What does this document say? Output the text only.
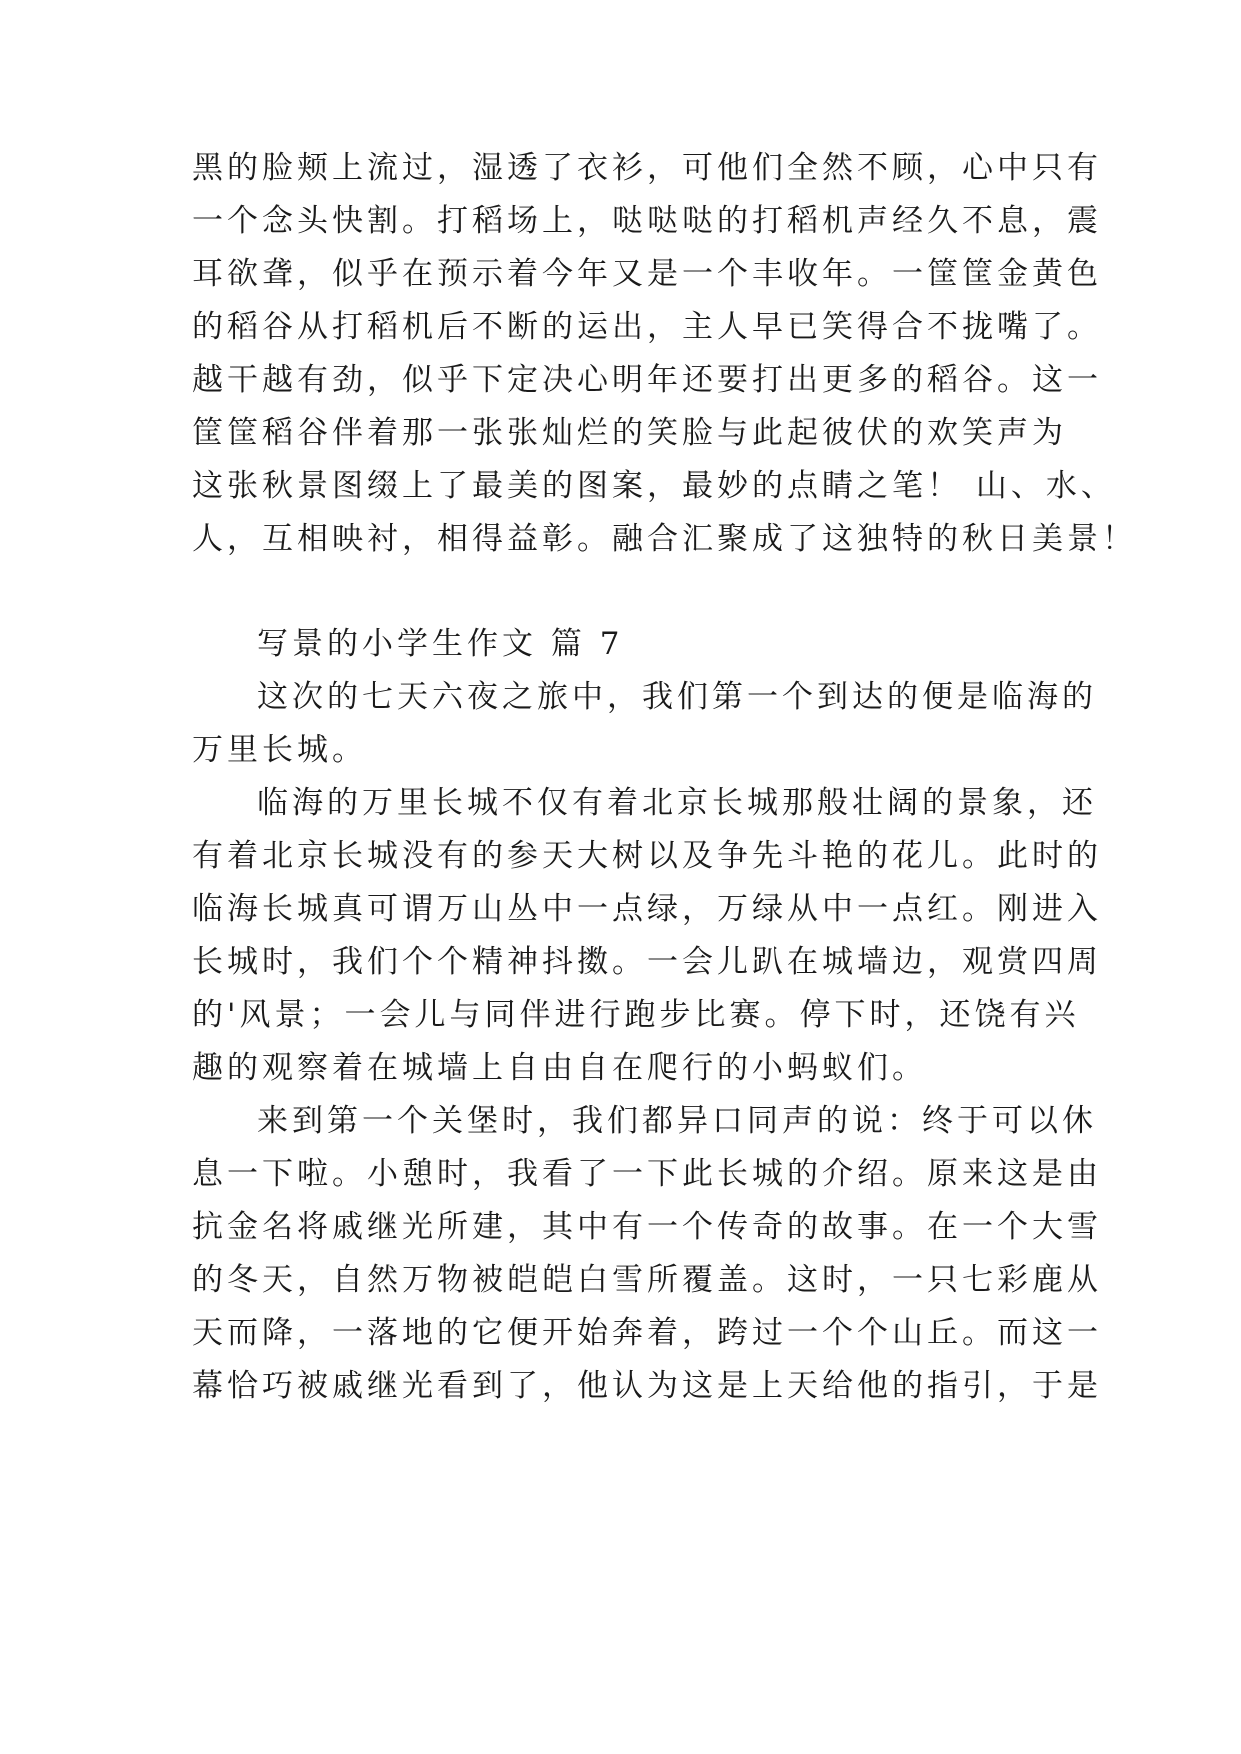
黑的脸颊上流过，湿透了衣衫，可他们全然不顾，心中只有
一个念头快割。打稻场上，哒哒哒的打稻机声经久不息，震
耳欲聋，似乎在预示着今年又是一个丰收年。一筐筐金黄色
的稻谷从打稻机后不断的运出，主人早已笑得合不拢嘴了。
越干越有劲，似乎下定决心明年还要打出更多的稻谷。这一
筐筐稻谷伴着那一张张灿烂的笑脸与此起彼伏的欢笑声为
这张秋景图缀上了最美的图案，最妙的点睛之笔！ 山、水、
人，互相映衬，相得益彰。融合汇聚成了这独特的秋日美景！
写景的小学生作文 篇 7
这次的七天六夜之旅中，我们第一个到达的便是临海的
万里长城。
临海的万里长城不仅有着北京长城那般壮阔的景象，还
有着北京长城没有的参天大树以及争先斗艳的花儿。此时的
临海长城真可谓万山丛中一点绿，万绿从中一点红。刚进入
长城时，我们个个精神抖擞。一会儿趴在城墙边，观赏四周
的'风景；一会儿与同伴进行跑步比赛。停下时，还饶有兴
趣的观察着在城墙上自由自在爬行的小蚂蚁们。
来到第一个关堡时，我们都异口同声的说：终于可以休
息一下啦。小憩时，我看了一下此长城的介绍。原来这是由
抗金名将戚继光所建，其中有一个传奇的故事。在一个大雪
的冬天，自然万物被皑皑白雪所覆盖。这时，一只七彩鹿从
天而降，一落地的它便开始奔着，跨过一个个山丘。而这一
幕恰巧被戚继光看到了，他认为这是上天给他的指引，于是
